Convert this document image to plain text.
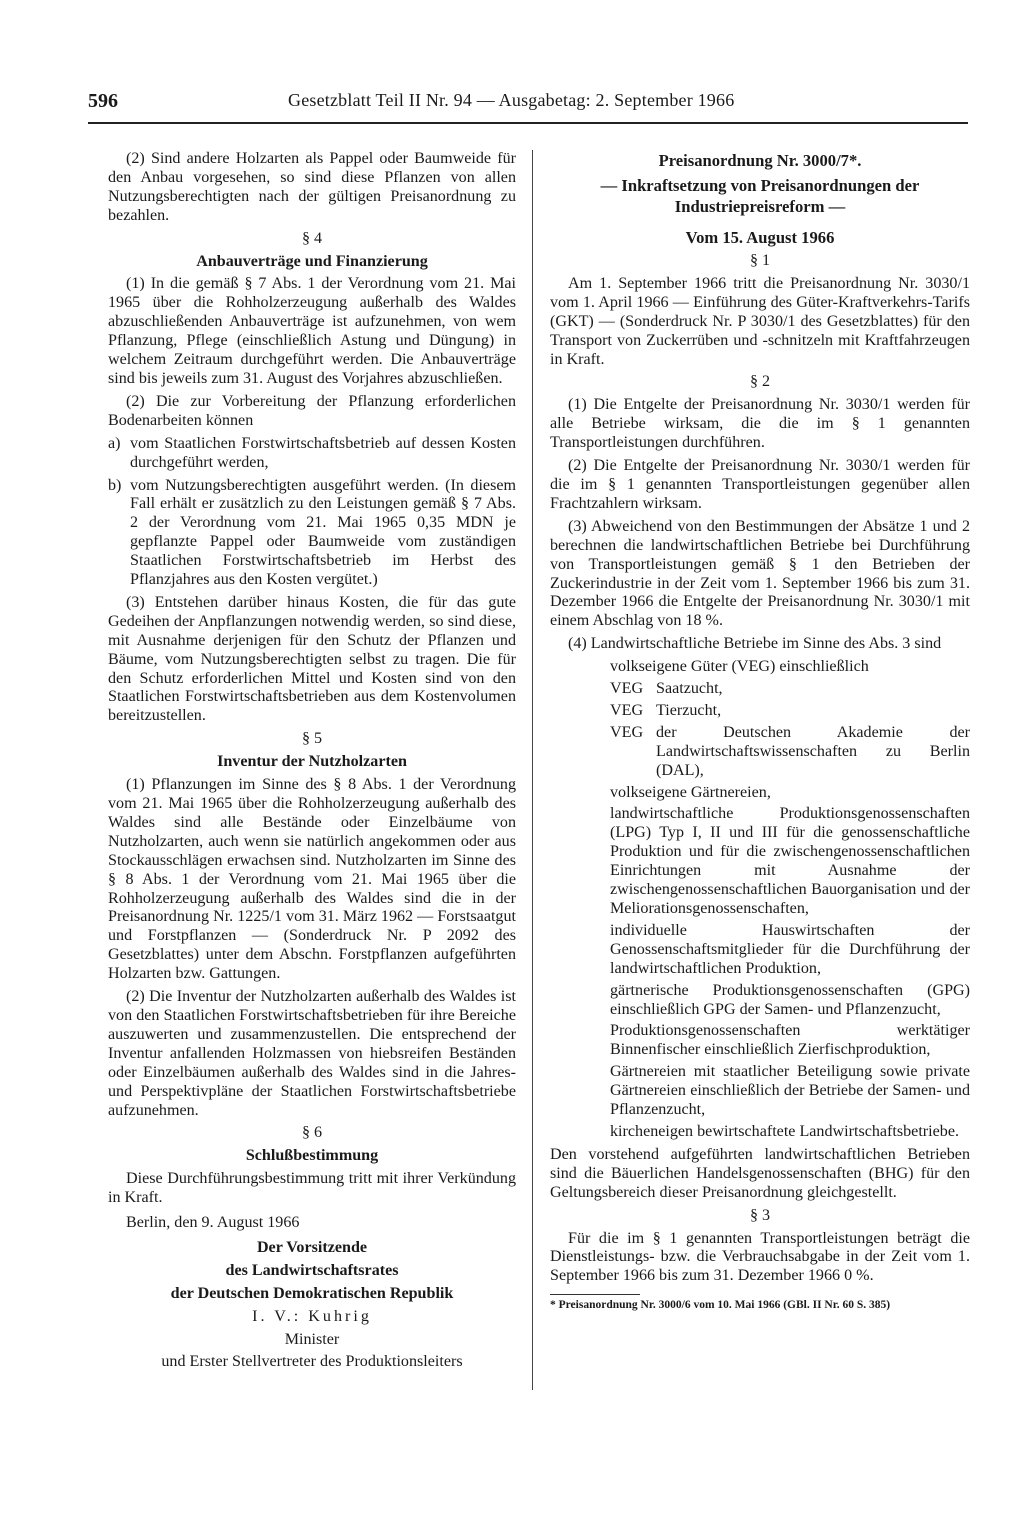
596	Gesetzblatt Teil II Nr. 94 — Ausgabetag: 2. September 1966

(2) Sind andere Holzarten als Pappel oder Baumweide für den Anbau vorgesehen, so sind diese Pflanzen von allen Nutzungsberechtigten nach der gültigen Preisanordnung zu bezahlen.

§ 4

Anbauverträge und Finanzierung

(1) In die gemäß § 7 Abs. 1 der Verordnung vom 21. Mai 1965 über die Rohholzerzeugung außerhalb des Waldes abzuschließenden Anbauverträge ist aufzunehmen, von wem Pflanzung, Pflege (einschließlich Astung und Düngung) in welchem Zeitraum durchgeführt werden. Die Anbauverträge sind bis jeweils zum 31. August des Vorjahres abzuschließen.

(2) Die zur Vorbereitung der Pflanzung erforderlichen Bodenarbeiten können

a) vom Staatlichen Forstwirtschaftsbetrieb auf dessen Kosten durchgeführt werden,
b) vom Nutzungsberechtigten ausgeführt werden. (In diesem Fall erhält er zusätzlich zu den Leistungen gemäß § 7 Abs. 2 der Verordnung vom 21. Mai 1965 0,35 MDN je gepflanzte Pappel oder Baumweide vom zuständigen Staatlichen Forstwirtschaftsbetrieb im Herbst des Pflanzjahres aus den Kosten vergütet.)

(3) Entstehen darüber hinaus Kosten, die für das gute Gedeihen der Anpflanzungen notwendig werden, so sind diese, mit Ausnahme derjenigen für den Schutz der Pflanzen und Bäume, vom Nutzungsberechtigten selbst zu tragen. Die für den Schutz erforderlichen Mittel und Kosten sind von den Staatlichen Forstwirtschaftsbetrieben aus dem Kostenvolumen bereitzustellen.

§ 5

Inventur der Nutzholzarten

(1) Pflanzungen im Sinne des § 8 Abs. 1 der Verordnung vom 21. Mai 1965 über die Rohholzerzeugung außerhalb des Waldes sind alle Bestände oder Einzelbäume von Nutzholzarten, auch wenn sie natürlich angekommen oder aus Stockausschlägen erwachsen sind. Nutzholzarten im Sinne des § 8 Abs. 1 der Verordnung vom 21. Mai 1965 über die Rohholzerzeugung außerhalb des Waldes sind die in der Preisanordnung Nr. 1225/1 vom 31. März 1962 — Forstsaatgut und Forstpflanzen — (Sonderdruck Nr. P 2092 des Gesetzblattes) unter dem Abschn. Forstpflanzen aufgeführten Holzarten bzw. Gattungen.

(2) Die Inventur der Nutzholzarten außerhalb des Waldes ist von den Staatlichen Forstwirtschaftsbetrieben für ihre Bereiche auszuwerten und zusammenzustellen. Die entsprechend der Inventur anfallenden Holzmassen von hiebsreifen Beständen oder Einzelbäumen außerhalb des Waldes sind in die Jahres- und Perspektivpläne der Staatlichen Forstwirtschaftsbetriebe aufzunehmen.

§ 6

Schlußbestimmung

Diese Durchführungsbestimmung tritt mit ihrer Verkündung in Kraft.

Berlin, den 9. August 1966

Der Vorsitzende

des Landwirtschaftsrates

der Deutschen Demokratischen Republik

I. V.: Kuhrig

Minister

und Erster Stellvertreter des Produktionsleiters

Preisanordnung Nr. 3000/7*.

— Inkraftsetzung von Preisanordnungen der Industriepreisreform —

Vom 15. August 1966

§ 1

Am 1. September 1966 tritt die Preisanordnung Nr. 3030/1 vom 1. April 1966 — Einführung des Güter-Kraftverkehrs-Tarifs (GKT) — (Sonderdruck Nr. P 3030/1 des Gesetzblattes) für den Transport von Zuckerrüben und -schnitzeln mit Kraftfahrzeugen in Kraft.

§ 2

(1) Die Entgelte der Preisanordnung Nr. 3030/1 werden für alle Betriebe wirksam, die die im § 1 genannten Transportleistungen durchführen.

(2) Die Entgelte der Preisanordnung Nr. 3030/1 werden für die im § 1 genannten Transportleistungen gegenüber allen Frachtzahlern wirksam.

(3) Abweichend von den Bestimmungen der Absätze 1 und 2 berechnen die landwirtschaftlichen Betriebe bei Durchführung von Transportleistungen gemäß § 1 den Betrieben der Zuckerindustrie in der Zeit vom 1. September 1966 bis zum 31. Dezember 1966 die Entgelte der Preisanordnung Nr. 3030/1 mit einem Abschlag von 18 %.

(4) Landwirtschaftliche Betriebe im Sinne des Abs. 3 sind

volkseigene Güter (VEG) einschließlich

VEG Saatzucht,
VEG Tierzucht,
VEG der Deutschen Akademie der Landwirtschaftswissenschaften zu Berlin (DAL),

volkseigene Gärtnereien,

landwirtschaftliche Produktionsgenossenschaften (LPG) Typ I, II und III für die genossenschaftliche Produktion und für die zwischengenossenschaftlichen Einrichtungen mit Ausnahme der zwischengenossenschaftlichen Bauorganisation und der Meliorationsgenossenschaften,

individuelle Hauswirtschaften der Genossenschaftsmitglieder für die Durchführung der landwirtschaftlichen Produktion,

gärtnerische Produktionsgenossenschaften (GPG) einschließlich GPG der Samen- und Pflanzenzucht,

Produktionsgenossenschaften werktätiger Binnenfischer einschließlich Zierfischproduktion,

Gärtnereien mit staatlicher Beteiligung sowie private Gärtnereien einschließlich der Betriebe der Samen- und Pflanzenzucht,

kircheneigen bewirtschaftete Landwirtschaftsbetriebe.

Den vorstehend aufgeführten landwirtschaftlichen Betrieben sind die Bäuerlichen Handelsgenossenschaften (BHG) für den Geltungsbereich dieser Preisanordnung gleichgestellt.

§ 3

Für die im § 1 genannten Transportleistungen beträgt die Dienstleistungs- bzw. die Verbrauchsabgabe in der Zeit vom 1. September 1966 bis zum 31. Dezember 1966 0 %.

* Preisanordnung Nr. 3000/6 vom 10. Mai 1966 (GBl. II Nr. 60 S. 385)
